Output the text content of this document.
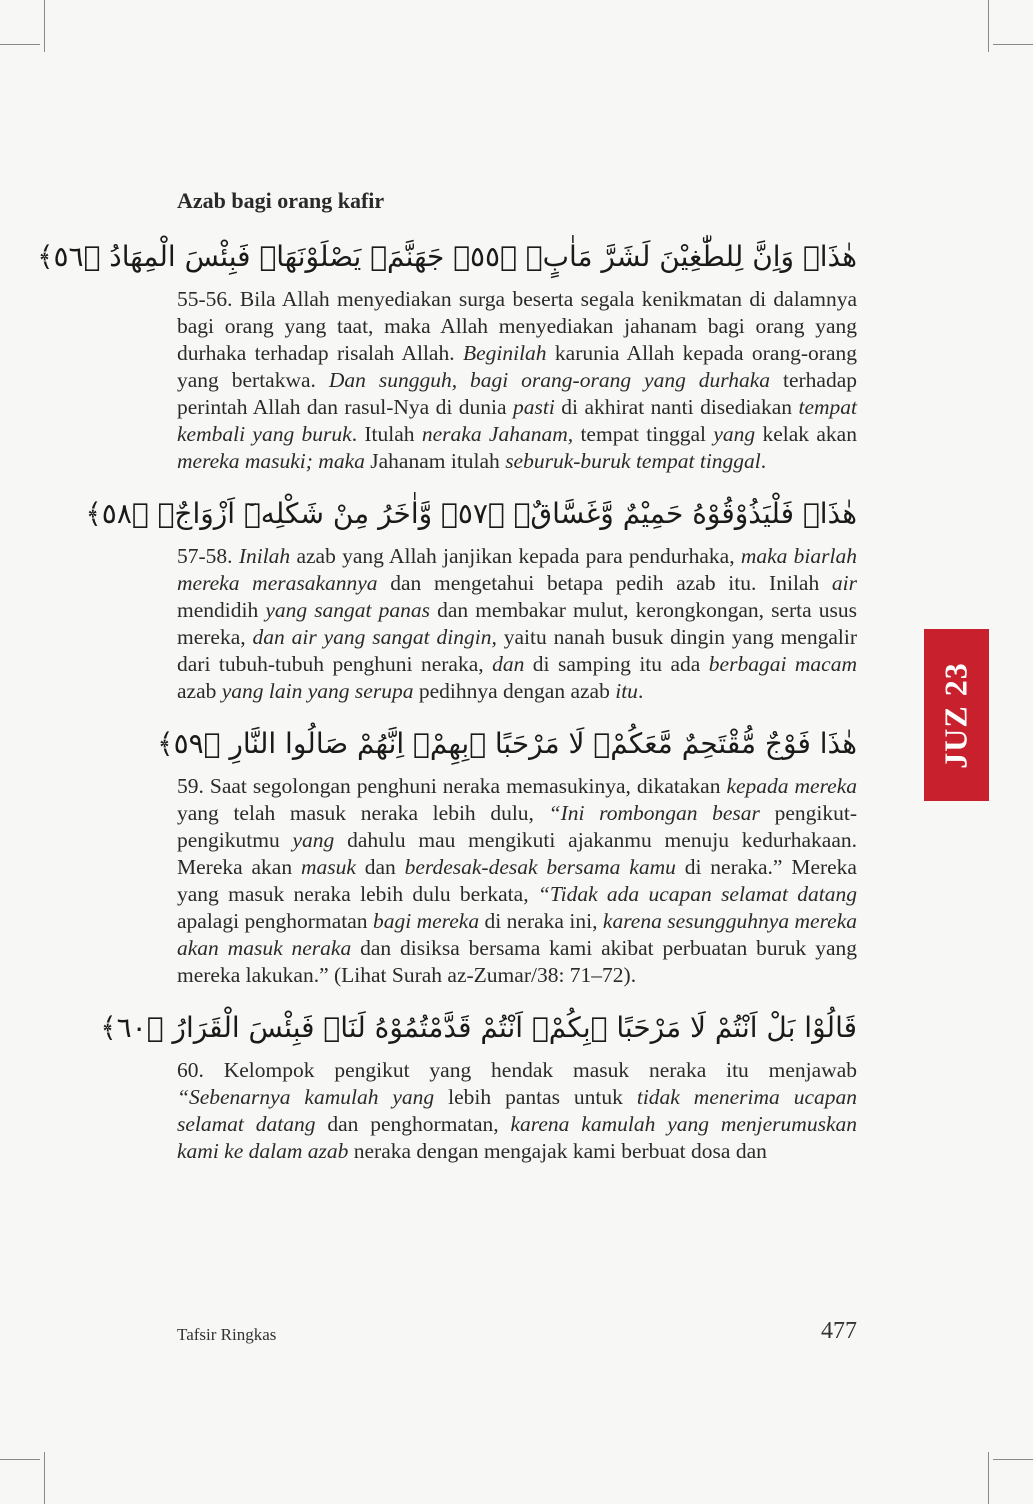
Azab bagi orang kafir
هٰذَاۗ وَاِنَّ لِلطّٰغِيْنَ لَشَرَّ مَاٰبٍۙ ﴿٥٥﴾ جَهَنَّمَۚ يَصْلَوْنَهَاۚ فَبِئْسَ الْمِهَادُ ﴿٥٦﴾

55-56. Bila Allah menyediakan surga beserta segala kenikmatan di dalamnya bagi orang yang taat, maka Allah menyediakan jahanam bagi orang yang durhaka terhadap risalah Allah. Beginilah karunia Allah kepada orang-orang yang bertakwa. Dan sungguh, bagi orang-orang yang durhaka terhadap perintah Allah dan rasul-Nya di dunia pasti di akhirat nanti disediakan tempat kembali yang buruk. Itulah neraka Jahanam, tempat tinggal yang kelak akan mereka masuki; maka Jahanam itulah seburuk-buruk tempat tinggal.

هٰذَاۙ فَلْيَذُوْقُوْهُ حَمِيْمٌ وَّغَسَّاقٌۙ ﴿٥٧﴾ وَّاٰخَرُ مِنْ شَكْلِهٖٓ اَزْوَاجٌۗ ﴿٥٨﴾

57-58. Inilah azab yang Allah janjikan kepada para pendurhaka, maka biarlah mereka merasakannya dan mengetahui betapa pedih azab itu. Inilah air mendidih yang sangat panas dan membakar mulut, kerongkongan, serta usus mereka, dan air yang sangat dingin, yaitu nanah busuk dingin yang mengalir dari tubuh-tubuh penghuni neraka, dan di samping itu ada berbagai macam azab yang lain yang serupa pedihnya dengan azab itu.

هٰذَا فَوْجٌ مُّقْتَحِمٌ مَّعَكُمْۚ لَا مَرْحَبًا ۢبِهِمْۗ اِنَّهُمْ صَالُوا النَّارِ ﴿٥٩﴾

59. Saat segolongan penghuni neraka memasukinya, dikatakan kepada mereka yang telah masuk neraka lebih dulu, “Ini rombongan besar pengikut-pengikutmu yang dahulu mau mengikuti ajakanmu menuju kedurhakaan. Mereka akan masuk dan berdesak-desak bersama kamu di neraka.” Mereka yang masuk neraka lebih dulu berkata, “Tidak ada ucapan selamat datang apalagi penghormatan bagi mereka di neraka ini, karena sesungguhnya mereka akan masuk neraka dan disiksa bersama kami akibat perbuatan buruk yang mereka lakukan.” (Lihat Surah az-Zumar/38: 71–72).

قَالُوْا بَلْ اَنْتُمْ لَا مَرْحَبًا ۢبِكُمْۗ اَنْتُمْ قَدَّمْتُمُوْهُ لَنَاۚ فَبِئْسَ الْقَرَارُ ﴿٦٠﴾

60. Kelompok pengikut yang hendak masuk neraka itu menjawab “Sebenarnya kamulah yang lebih pantas untuk tidak menerima ucapan selamat datang dan penghormatan, karena kamulah yang menjerumuskan kami ke dalam azab neraka dengan mengajak kami berbuat dosa dan

JUZ 23
Tafsir Ringkas	477
